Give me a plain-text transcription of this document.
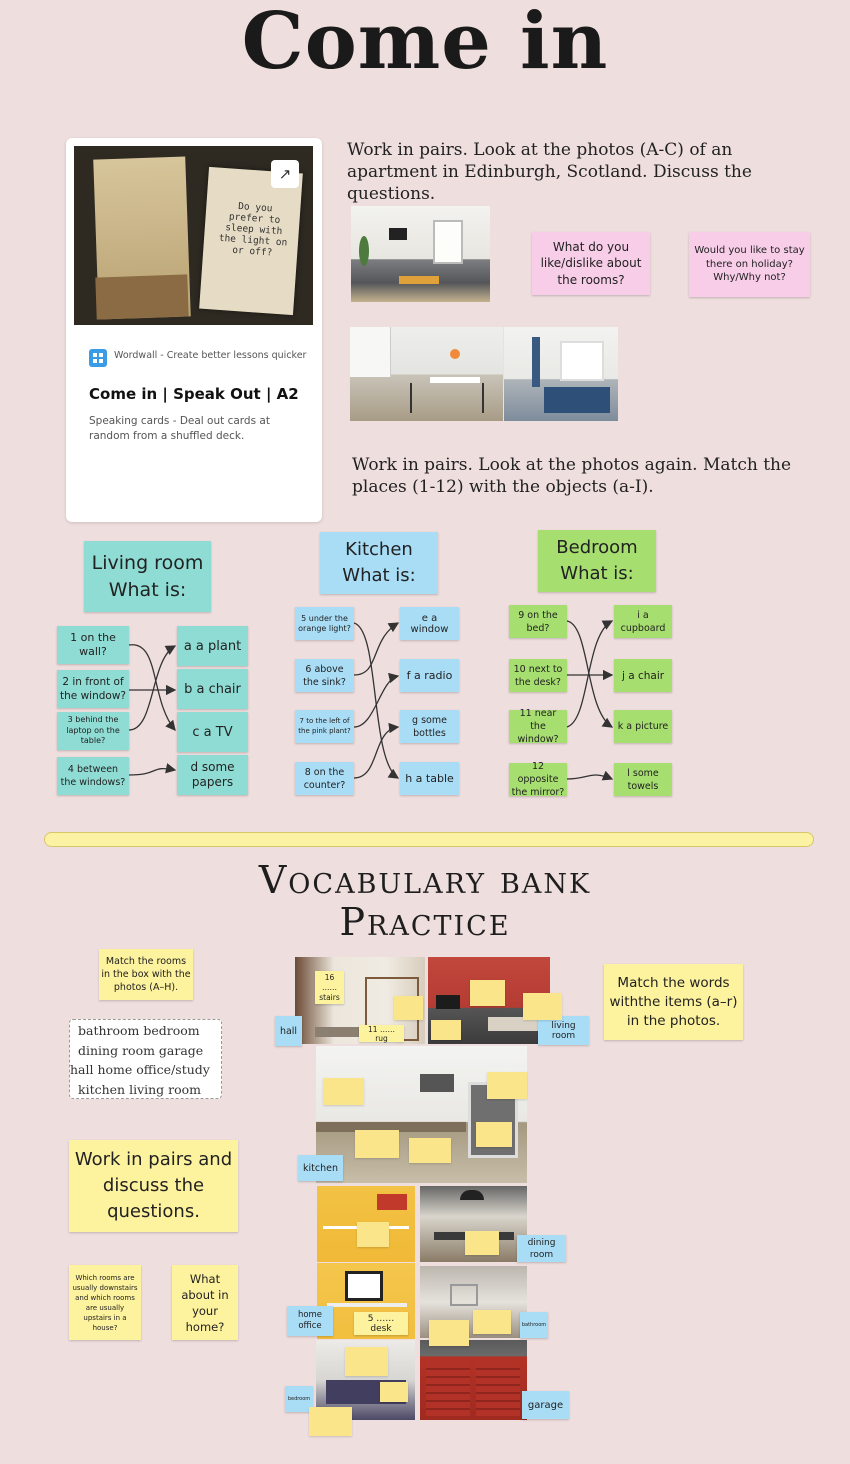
Come in
Do you prefer to sleep with the light on or off?
↗
Wordwall - Create better lessons quicker
Come in | Speak Out | A2
Speaking cards - Deal out cards at random from a shuffled deck.
Work in pairs. Look at the photos (A-C) of an apartment in Edinburgh, Scotland. Discuss the questions.
What do you like/dislike about the rooms?
Would you like to stay there on holiday? Why/Why not?
Work in pairs. Look at the photos again. Match the places (1-12) with the objects (a-I).
Living room What is:
1 on the wall?
2 in front of the window?
3 behind the laptop on the table?
4 between the windows?
a a plant
b a chair
c a TV
d some papers
Kitchen What is:
5 under the orange light?
6 above the sink?
7 to the left of the pink plant?
8 on the counter?
e a window
f a radio
g some bottles
h a table
Bedroom What is:
9 on the bed?
10 next to the desk?
11 near the window?
12 opposite the mirror?
i a cupboard
j a chair
k a picture
l some towels
Vocabulary bank
Practice
Match the rooms in the box with the photos (A–H).
bathroom bedroom
dining room garage
hall home office/study
kitchen living room
Match the words withthe items (a–r) in the photos.
Work in pairs and discuss the questions.
Which rooms are usually downstairs and which rooms are usually upstairs in a house?
What about in your home?
hall	living room
kitchen
dining room
home office	bathroom
bedroom
garage
16 …… stairs
11 …… rug
5 …… desk
